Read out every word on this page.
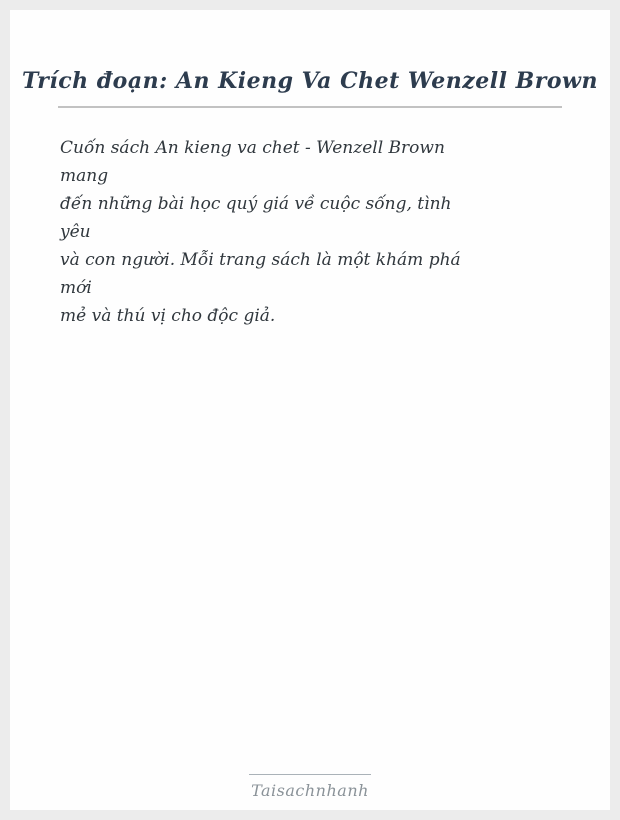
Trích đoạn: An Kieng Va Chet Wenzell Brown

Cuốn sách An kieng va chet - Wenzell Brown

mang

đến những bài học quý giá về cuộc sống, tình

yêu

và con người. Mỗi trang sách là một khám phá

mới

mẻ và thú vị cho độc giả.

Taisachnhanh
